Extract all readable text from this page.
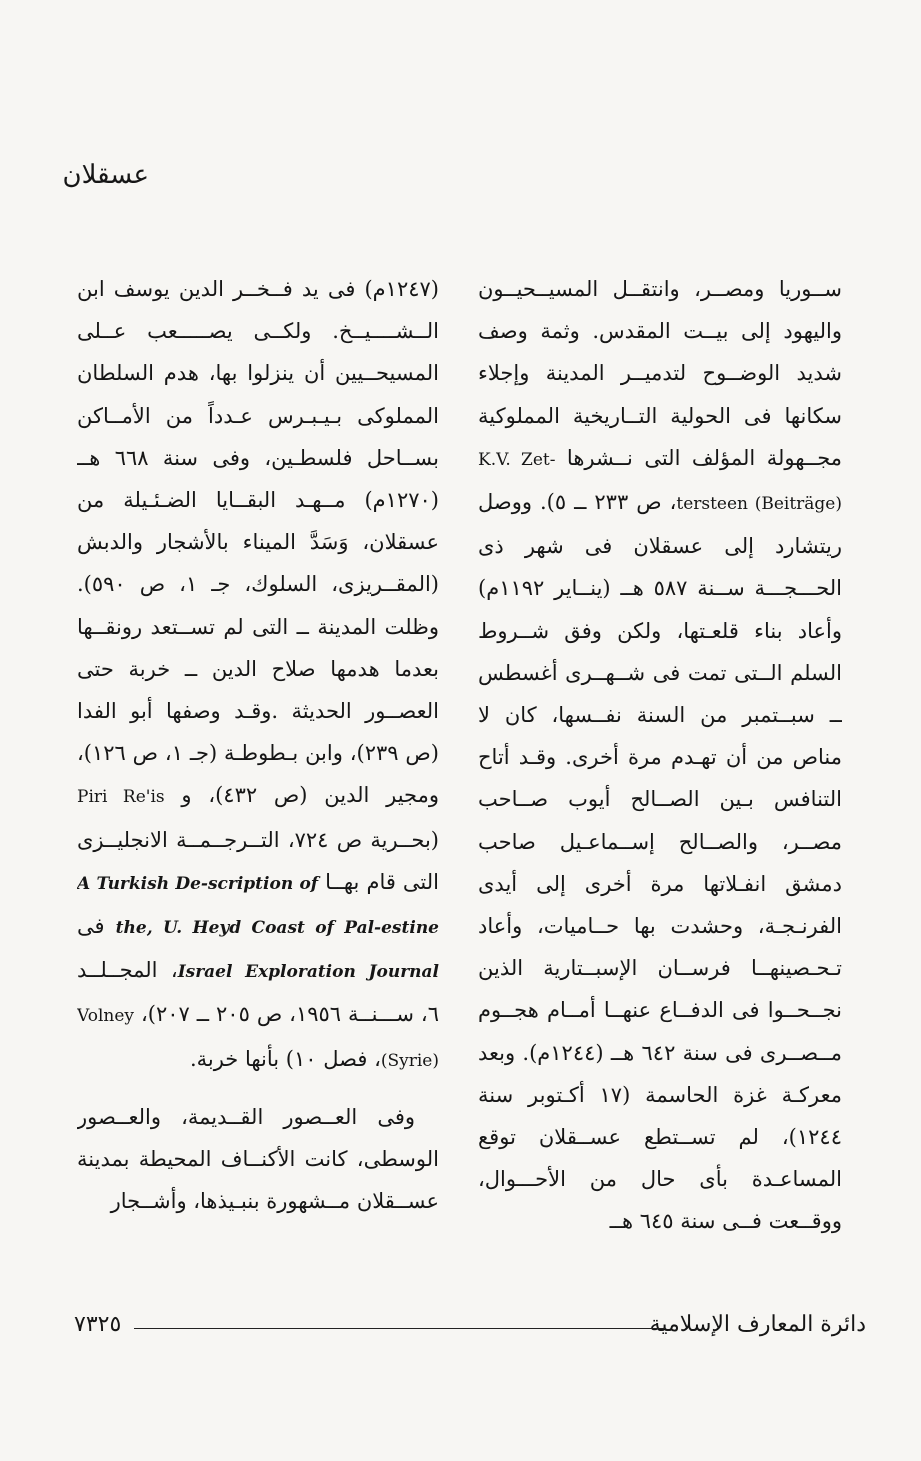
عسقلان

ســوريا ومصــر، وانتقــل المسيــحيــون واليهود إلى بيــت المقدس. وثمة وصف شديد الوضــوح لتدميــر المدينة وإجلاء سكانها فى الحولية التــاريخية المملوكية مجــهولة المؤلف التى نــشرها K.V. Zet-tersteen (Beiträge)، ص ٢٣٣ ــ ٥). ووصل ريتشارد إلى عسقلان فى شهر ذى الحـــجـــة ســنة ٥٨٧ هــ (ينــاير ١١٩٢م) وأعاد بناء قلعـتها، ولكن وفق شــروط السلم الــتى تمت فى شــهــرى أغسطس ــ سبــتمبر من السنة نفــسها، كان لا مناص من أن تهـدم مرة أخرى. وقـد أتاح التنافس بـين الصــالح أيوب صــاحب مصــر، والصــالح إســماعـيل صاحب دمشق انفـلاتها مرة أخرى إلى أيدى الفرنـجـة، وحشدت بها حــاميات، وأعاد تـحـصينهــا فرســان الإسبــتارية الذين نجــحــوا فى الدفــاع عنهــا أمــام هجــوم مــصــرى فى سنة ٦٤٢ هــ (١٢٤٤م). وبعد معركـة غزة الحاسمة (١٧ أكـتوبر سنة ١٢٤٤)، لم تســتطع عســقلان توقع المساعـدة بأى حال من الأحـــوال، ووقــعت فــى سنة ٦٤٥ هــ

(١٢٤٧م) فى يد فــخــر الدين يوسف ابن الــشــــيــخ. ولكــى يصـــــعب عــلى المسيحــيين أن ينزلوا بها، هدم السلطان المملوكى بـيـبـرس عـدداً من الأمــاكن بســاحل فلسطـين، وفى سنة ٦٦٨ هــ (١٢٧٠م) مــهـد البقــايا الضـئـيلة من عسقلان، وَسَدَّ الميناء بالأشجار والدبش (المقــريزى، السلوك، جـ ١، ص ٥٩٠). وظلت المدينة ــ التى لم تســتعد رونقــها بعدما هدمها صلاح الدين ــ خربة حتى العصــور الحديثة .وقـد وصفها أبو الفدا (ص ٢٣٩)، وابن بـطوطـة (جـ ١، ص ١٢٦)، ومجير الدين (ص ٤٣٢)، و Piri Re'is (بحــرية ص ٧٢٤، التــرجــمــة الانجليــزى التى قام بهــا A Turkish De-scription of the, U. Heyd Coast of Pal-estine فى Israel Exploration Journal، المجــلــد ٦، ســـنــة ١٩٥٦، ص ٢٠٥ ــ ٢٠٧)، Volney (Syrie)، فصل ١٠) بأنها خربة.

وفى العــصور القــديمة، والعــصور الوسطى، كانت الأكنــاف المحيطة بمدينة عســقلان مــشهورة بنبـيذها، وأشــجار

دائرة المعارف الإسلامية
٧٣٢٥
